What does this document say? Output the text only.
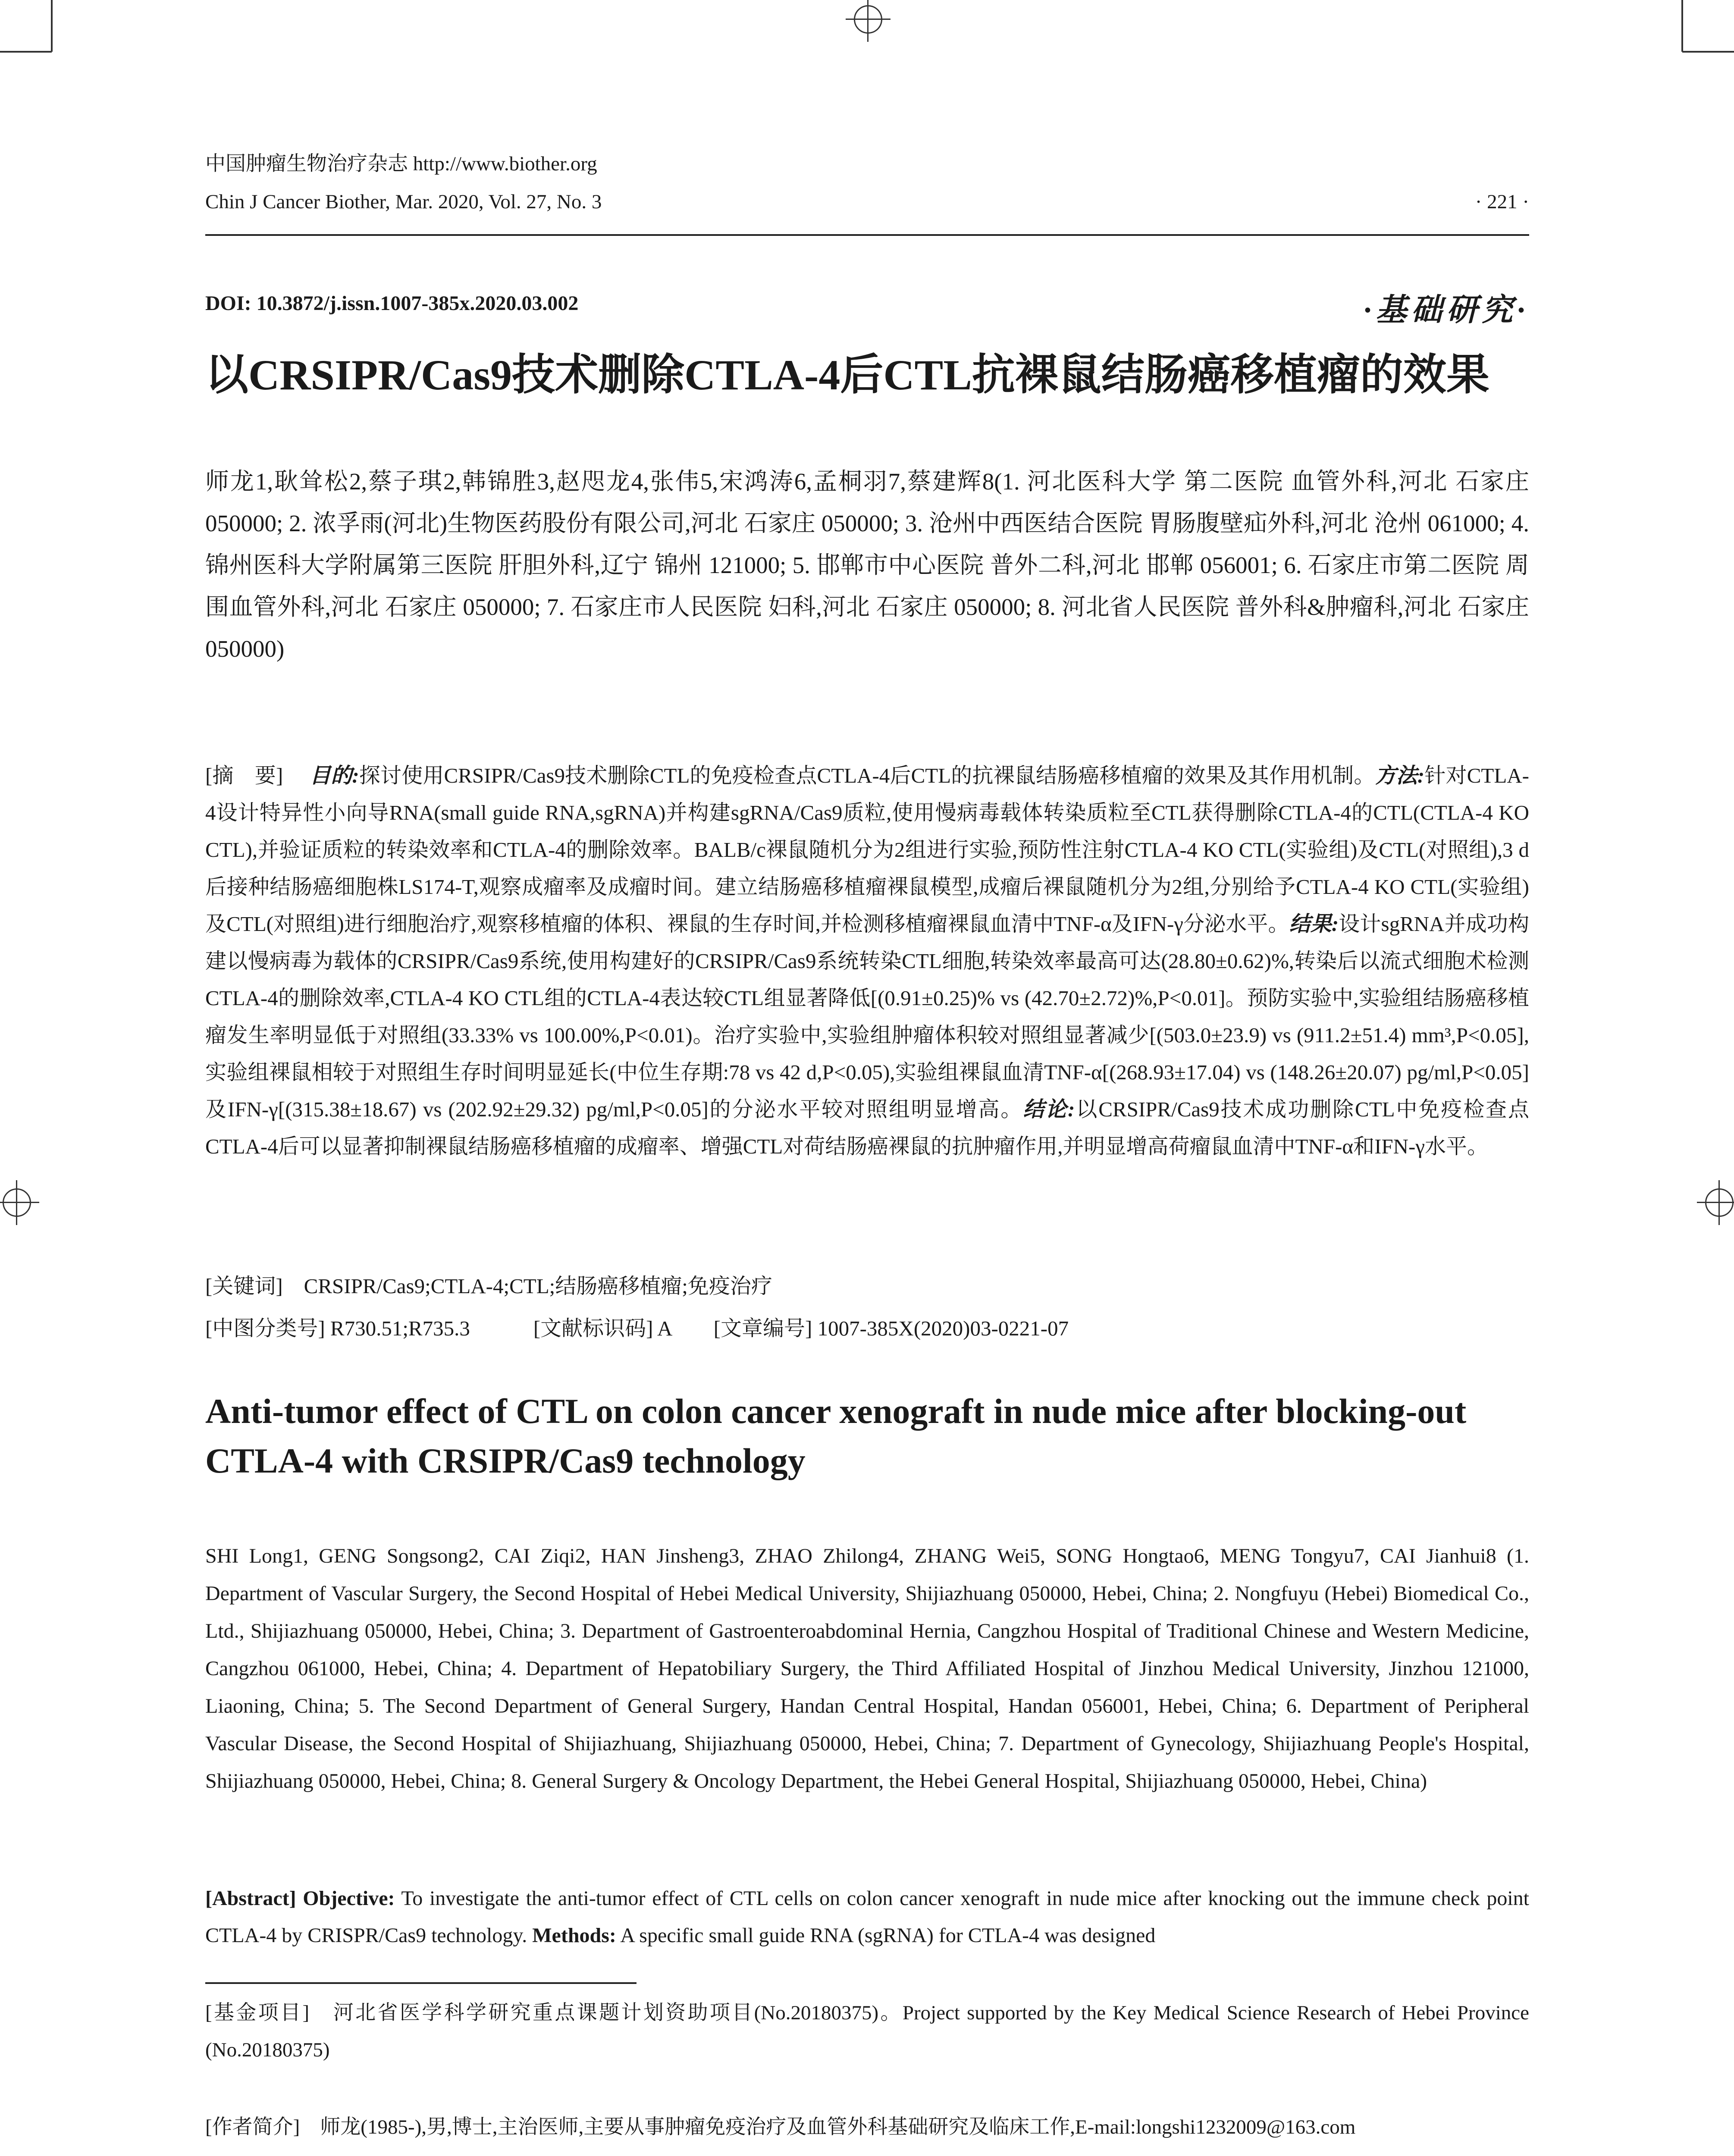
中国肿瘤生物治疗杂志 http://www.biother.org
Chin J Cancer Biother, Mar. 2020, Vol. 27, No. 3	· 221 ·
DOI: 10.3872/j.issn.1007-385x.2020.03.002	·基础研究·
以CRSIPR/Cas9技术删除CTLA-4后CTL抗裸鼠结肠癌移植瘤的效果
师龙1,耿耸松2,蔡子琪2,韩锦胜3,赵咫龙4,张伟5,宋鸿涛6,孟桐羽7,蔡建辉8(1. 河北医科大学 第二医院 血管外科,河北 石家庄 050000; 2. 浓孚雨(河北)生物医药股份有限公司,河北 石家庄 050000; 3. 沧州中西医结合医院 胃肠腹壁疝外科,河北 沧州 061000; 4. 锦州医科大学附属第三医院 肝胆外科,辽宁 锦州 121000; 5. 邯郸市中心医院 普外二科,河北 邯郸 056001; 6. 石家庄市第二医院 周围血管外科,河北 石家庄 050000; 7. 石家庄市人民医院 妇科,河北 石家庄 050000; 8. 河北省人民医院 普外科&肿瘤科,河北 石家庄 050000)
[摘　要]　 目的:探讨使用CRSIPR/Cas9技术删除CTL的免疫检查点CTLA-4后CTL的抗裸鼠结肠癌移植瘤的效果及其作用机制。方法:针对CTLA-4设计特异性小向导RNA(small guide RNA,sgRNA)并构建sgRNA/Cas9质粒,使用慢病毒载体转染质粒至CTL获得删除CTLA-4的CTL(CTLA-4 KO CTL),并验证质粒的转染效率和CTLA-4的删除效率。BALB/c裸鼠随机分为2组进行实验,预防性注射CTLA-4 KO CTL(实验组)及CTL(对照组),3 d后接种结肠癌细胞株LS174-T,观察成瘤率及成瘤时间。建立结肠癌移植瘤裸鼠模型,成瘤后裸鼠随机分为2组,分别给予CTLA-4 KO CTL(实验组)及CTL(对照组)进行细胞治疗,观察移植瘤的体积、裸鼠的生存时间,并检测移植瘤裸鼠血清中TNF-α及IFN-γ分泌水平。结果:设计sgRNA并成功构建以慢病毒为载体的CRSIPR/Cas9系统,使用构建好的CRSIPR/Cas9系统转染CTL细胞,转染效率最高可达(28.80±0.62)%,转染后以流式细胞术检测CTLA-4的删除效率,CTLA-4 KO CTL组的CTLA-4表达较CTL组显著降低[(0.91±0.25)% vs (42.70±2.72)%,P<0.01]。预防实验中,实验组结肠癌移植瘤发生率明显低于对照组(33.33% vs 100.00%,P<0.01)。治疗实验中,实验组肿瘤体积较对照组显著减少[(503.0±23.9) vs (911.2±51.4) mm³,P<0.05],实验组裸鼠相较于对照组生存时间明显延长(中位生存期:78 vs 42 d,P<0.05),实验组裸鼠血清TNF-α[(268.93±17.04) vs (148.26±20.07) pg/ml,P<0.05]及IFN-γ[(315.38±18.67) vs (202.92±29.32) pg/ml,P<0.05]的分泌水平较对照组明显增高。结论:以CRSIPR/Cas9技术成功删除CTL中免疫检查点CTLA-4后可以显著抑制裸鼠结肠癌移植瘤的成瘤率、增强CTL对荷结肠癌裸鼠的抗肿瘤作用,并明显增高荷瘤鼠血清中TNF-α和IFN-γ水平。
[关键词]　CRSIPR/Cas9;CTLA-4;CTL;结肠癌移植瘤;免疫治疗
[中图分类号] R730.51;R735.3　　　[文献标识码] A　　[文章编号] 1007-385X(2020)03-0221-07
Anti-tumor effect of CTL on colon cancer xenograft in nude mice after blocking-out CTLA-4 with CRSIPR/Cas9 technology
SHI Long1, GENG Songsong2, CAI Ziqi2, HAN Jinsheng3, ZHAO Zhilong4, ZHANG Wei5, SONG Hongtao6, MENG Tongyu7, CAI Jianhui8 (1. Department of Vascular Surgery, the Second Hospital of Hebei Medical University, Shijiazhuang 050000, Hebei, China; 2. Nongfuyu (Hebei) Biomedical Co., Ltd., Shijiazhuang 050000, Hebei, China; 3. Department of Gastroenteroabdominal Hernia, Cangzhou Hospital of Traditional Chinese and Western Medicine, Cangzhou 061000, Hebei, China; 4. Department of Hepatobiliary Surgery, the Third Affiliated Hospital of Jinzhou Medical University, Jinzhou 121000, Liaoning, China; 5. The Second Department of General Surgery, Handan Central Hospital, Handan 056001, Hebei, China; 6. Department of Peripheral Vascular Disease, the Second Hospital of Shijiazhuang, Shijiazhuang 050000, Hebei, China; 7. Department of Gynecology, Shijiazhuang People's Hospital, Shijiazhuang 050000, Hebei, China; 8. General Surgery & Oncology Department, the Hebei General Hospital, Shijiazhuang 050000, Hebei, China)
[Abstract] Objective: To investigate the anti-tumor effect of CTL cells on colon cancer xenograft in nude mice after knocking out the immune check point CTLA-4 by CRISPR/Cas9 technology. Methods: A specific small guide RNA (sgRNA) for CTLA-4 was designed
[基金项目]　河北省医学科学研究重点课题计划资助项目(No.20180375)。Project supported by the Key Medical Science Research of Hebei Province (No.20180375)
[作者简介]　师龙(1985-),男,博士,主治医师,主要从事肿瘤免疫治疗及血管外科基础研究及临床工作,E-mail:longshi1232009@163.com
